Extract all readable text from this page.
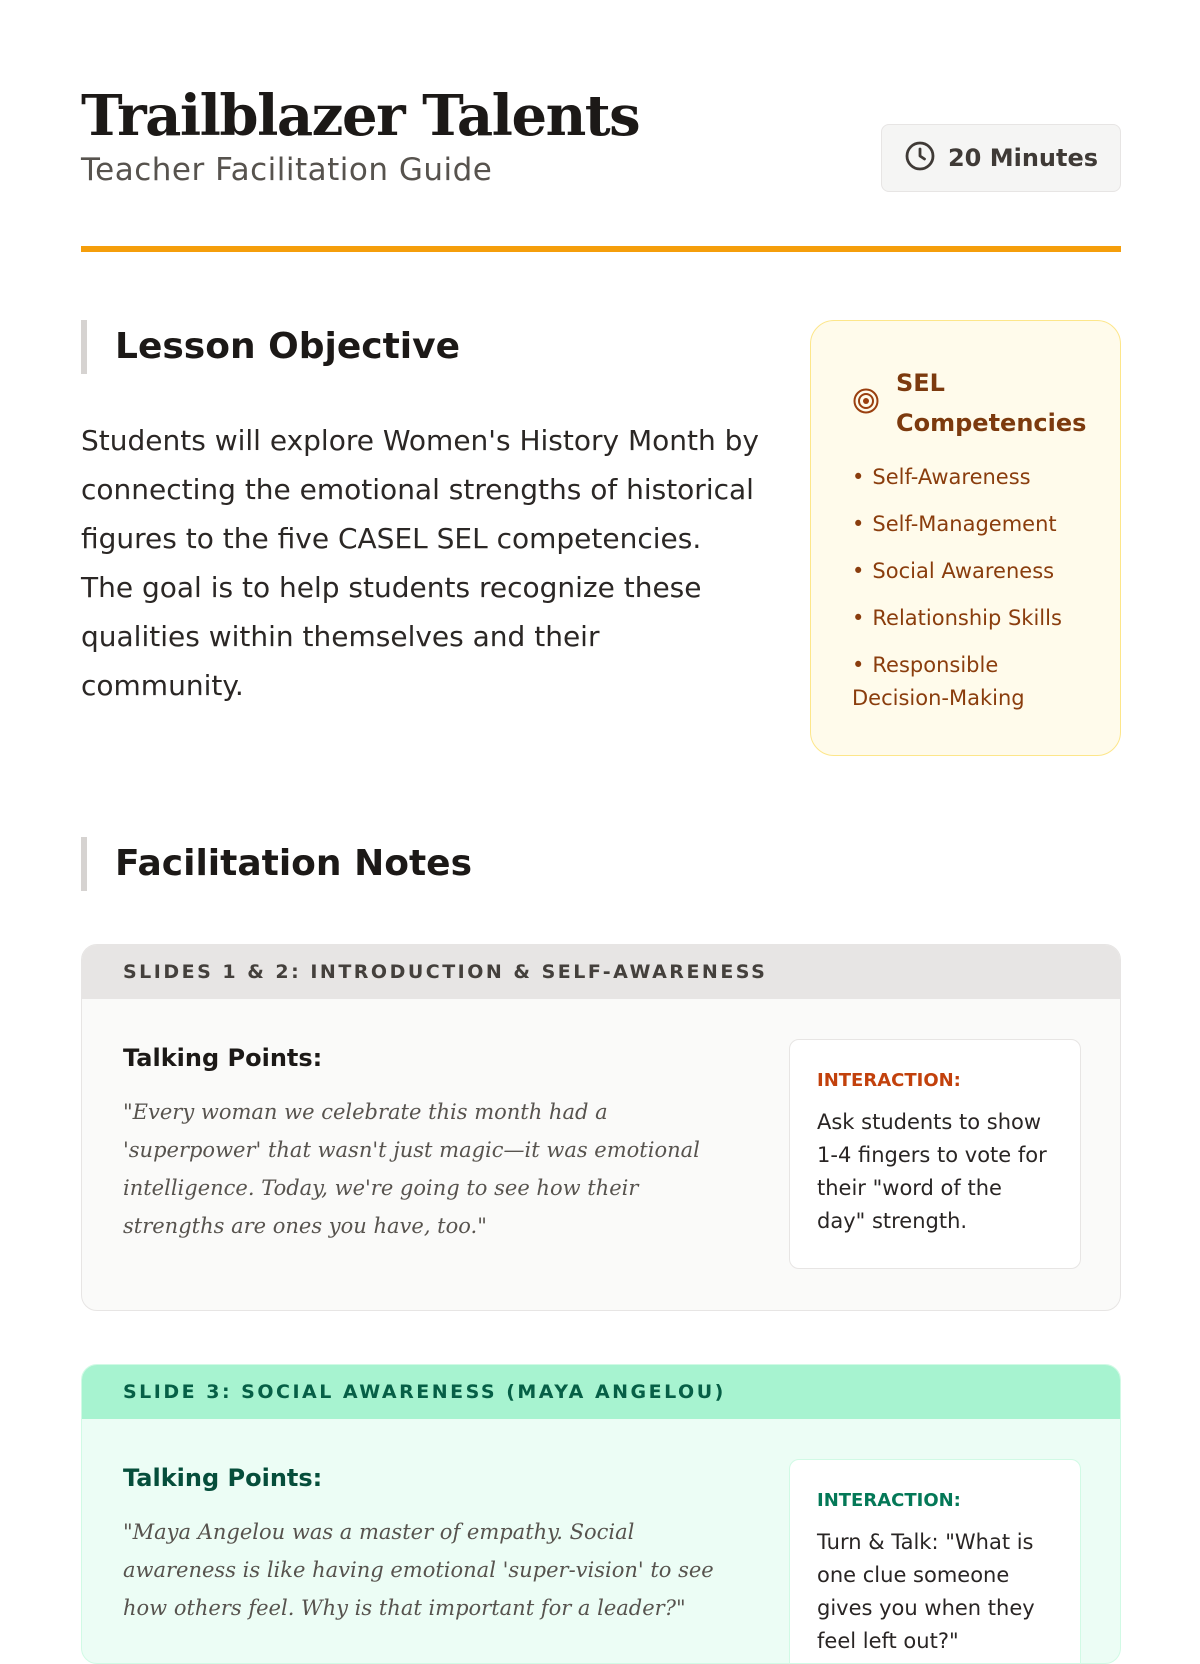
Trailblazer Talents
Teacher Facilitation Guide	20 Minutes
Lesson Objective

Students will explore Women's History Month by connecting the emotional strengths of historical figures to the five CASEL SEL competencies. The goal is to help students recognize these qualities within themselves and their community.

SEL Competencies
• Self-Awareness
• Self-Management
• Social Awareness
• Relationship Skills
• Responsible Decision-Making
Facilitation Notes
SLIDES 1 & 2: INTRODUCTION & SELF-AWARENESS
Talking Points:

"Every woman we celebrate this month had a 'superpower' that wasn't just magic—it was emotional intelligence. Today, we're going to see how their strengths are ones you have, too."

INTERACTION:
Ask students to show 1-4 fingers to vote for their "word of the day" strength.
SLIDE 3: SOCIAL AWARENESS (MAYA ANGELOU)
Talking Points:

"Maya Angelou was a master of empathy. Social awareness is like having emotional 'super-vision' to see how others feel. Why is that important for a leader?"

INTERACTION:
Turn & Talk: "What is one clue someone gives you when they feel left out?"
